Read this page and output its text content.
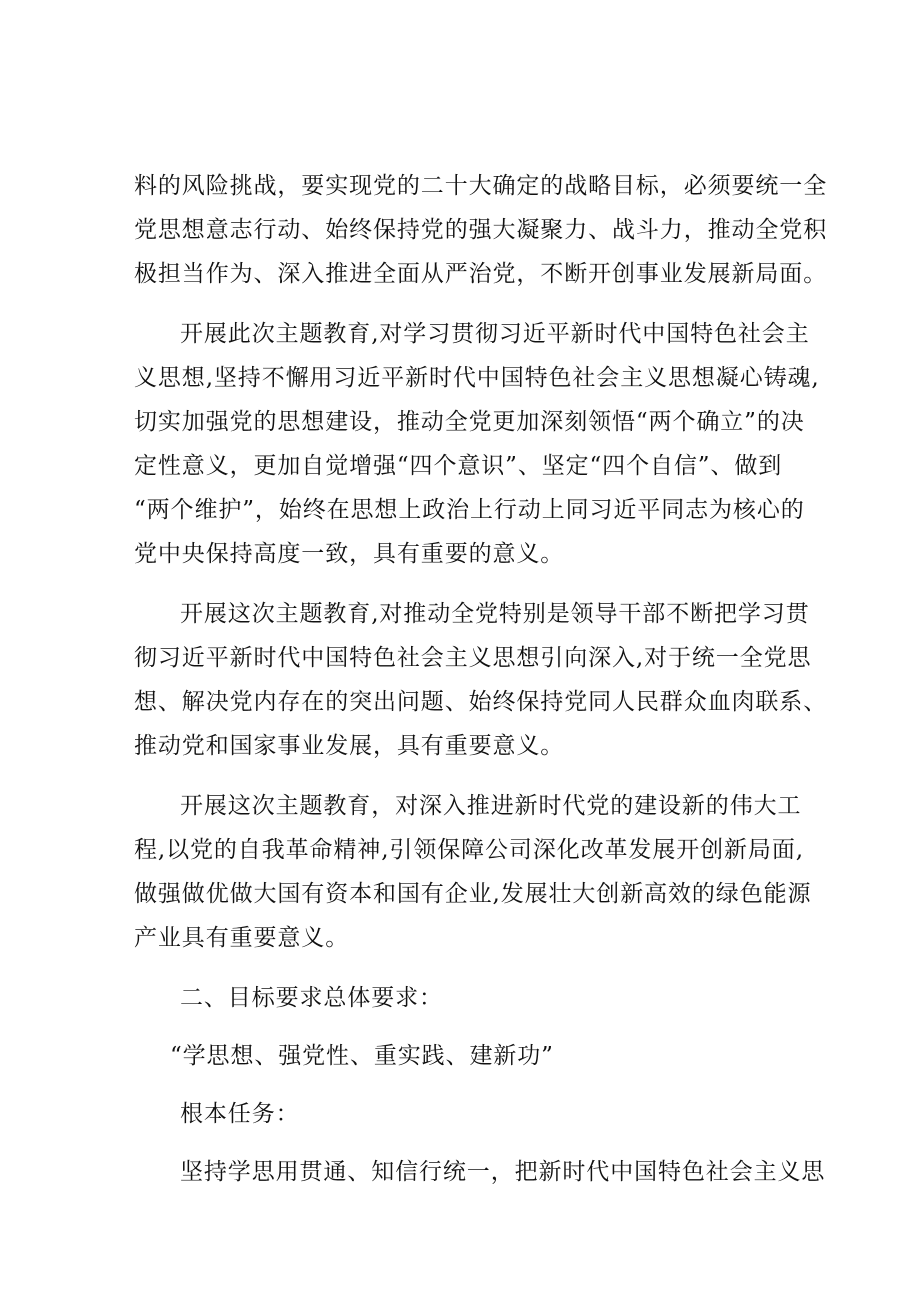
料的风险挑战，要实现党的二十大确定的战略目标，必须要统一全
党思想意志行动、始终保持党的强大凝聚力、战斗力，推动全党积
极担当作为、深入推进全面从严治党，不断开创事业发展新局面。
开展此次主题教育,对学习贯彻习近平新时代中国特色社会主
义思想,坚持不懈用习近平新时代中国特色社会主义思想凝心铸魂,
切实加强党的思想建设，推动全党更加深刻领悟“两个确立”的决
定性意义，更加自觉增强“四个意识”、坚定“四个自信”、做到
“两个维护”，始终在思想上政治上行动上同习近平同志为核心的
党中央保持高度一致，具有重要的意义。
开展这次主题教育,对推动全党特别是领导干部不断把学习贯
彻习近平新时代中国特色社会主义思想引向深入,对于统一全党思
想、解决党内存在的突出问题、始终保持党同人民群众血肉联系、
推动党和国家事业发展，具有重要意义。
开展这次主题教育，对深入推进新时代党的建设新的伟大工
程,以党的自我革命精神,引领保障公司深化改革发展开创新局面,
做强做优做大国有资本和国有企业,发展壮大创新高效的绿色能源
产业具有重要意义。
二、目标要求总体要求：
“学思想、强党性、重实践、建新功”
根本任务：
坚持学思用贯通、知信行统一，把新时代中国特色社会主义思
